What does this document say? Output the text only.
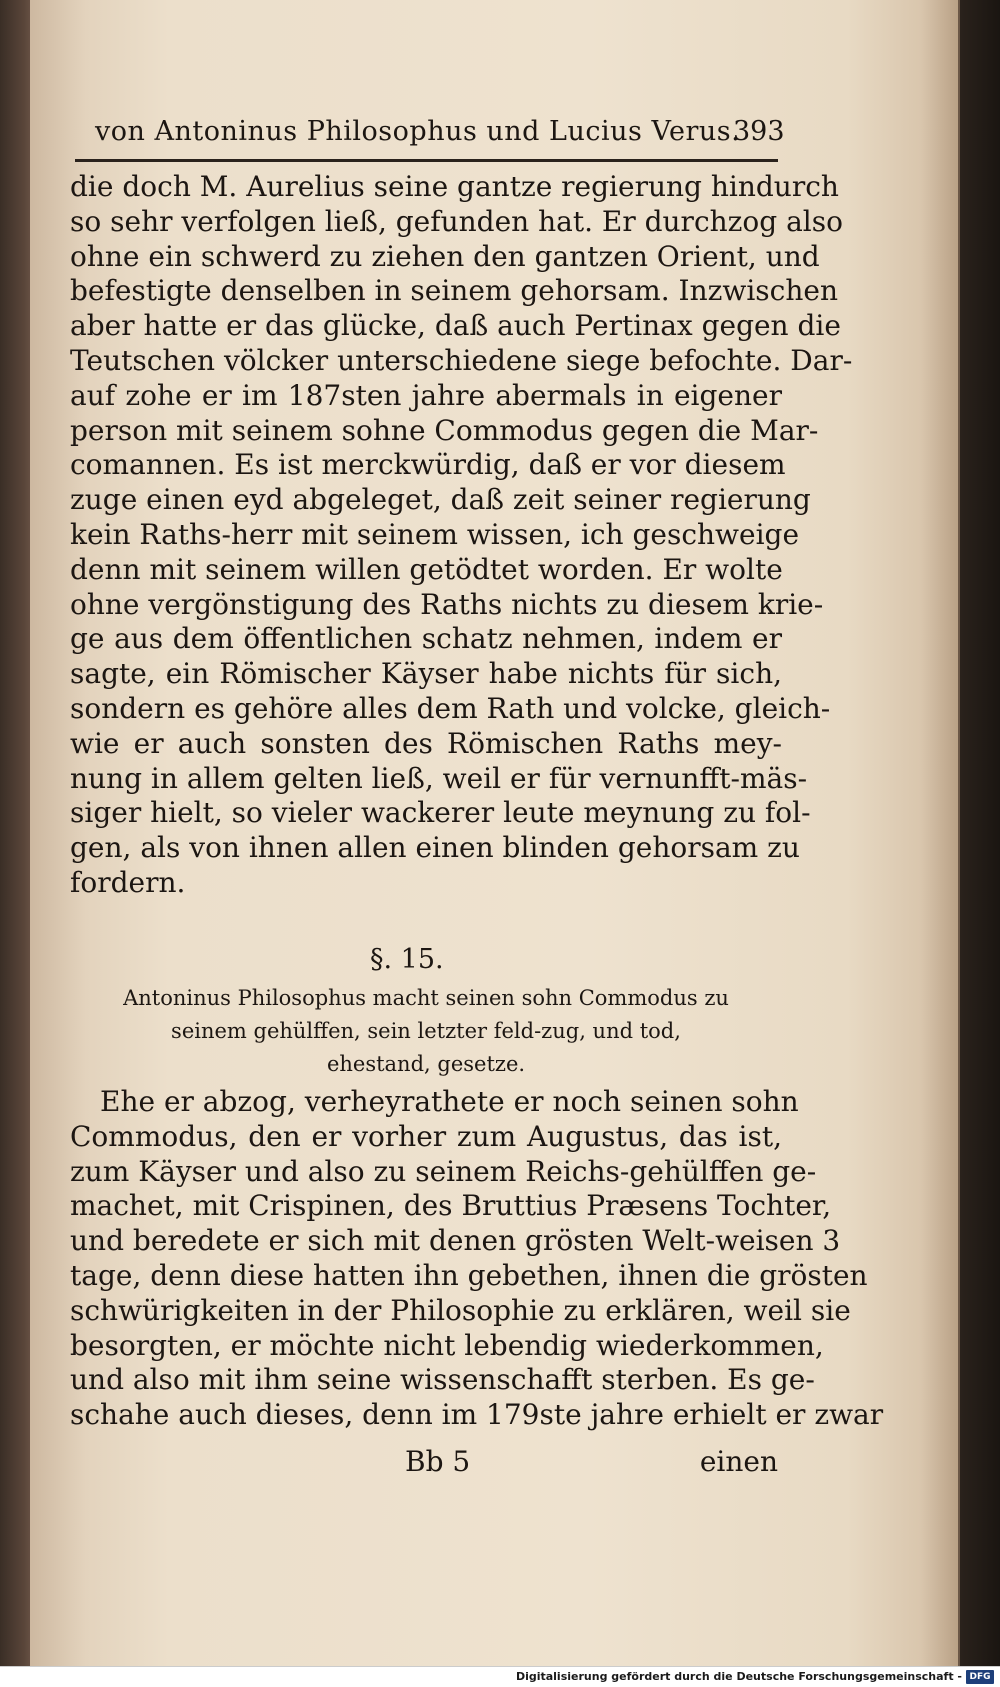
von Antoninus Philosophus und Lucius Verus.
393
die doch M. Aurelius seine gantze regierung hindurch
so sehr verfolgen ließ, gefunden hat. Er durchzog also
ohne ein schwerd zu ziehen den gantzen Orient, und
befestigte denselben in seinem gehorsam. Inzwischen
aber hatte er das glücke, daß auch Pertinax gegen die
Teutschen völcker unterschiedene siege befochte. Dar-
auf zohe er im 187sten jahre abermals in eigener
person mit seinem sohne Commodus gegen die Mar-
comannen. Es ist merckwürdig, daß er vor diesem
zuge einen eyd abgeleget, daß zeit seiner regierung
kein Raths-herr mit seinem wissen, ich geschweige
denn mit seinem willen getödtet worden. Er wolte
ohne vergönstigung des Raths nichts zu diesem krie-
ge aus dem öffentlichen schatz nehmen, indem er
sagte, ein Römischer Käyser habe nichts für sich,
sondern es gehöre alles dem Rath und volcke, gleich-
wie er auch sonsten des Römischen Raths mey-
nung in allem gelten ließ, weil er für vernunfft-mäs-
siger hielt, so vieler wackerer leute meynung zu fol-
gen, als von ihnen allen einen blinden gehorsam zu
fordern.
§. 15.
Antoninus Philosophus macht seinen sohn Commodus zu
seinem gehülffen, sein letzter feld-zug, und tod,
ehestand, gesetze.
Ehe er abzog, verheyrathete er noch seinen sohn
Commodus, den er vorher zum Augustus, das ist,
zum Käyser und also zu seinem Reichs-gehülffen ge-
machet, mit Crispinen, des Bruttius Præsens Tochter,
und beredete er sich mit denen grösten Welt-weisen 3
tage, denn diese hatten ihn gebethen, ihnen die grösten
schwürigkeiten in der Philosophie zu erklären, weil sie
besorgten, er möchte nicht lebendig wiederkommen,
und also mit ihm seine wissenschafft sterben. Es ge-
schahe auch dieses, denn im 179ste jahre erhielt er zwar
Bb 5	einen
Digitalisierung gefördert durch die Deutsche Forschungsgemeinschaft - DFG
